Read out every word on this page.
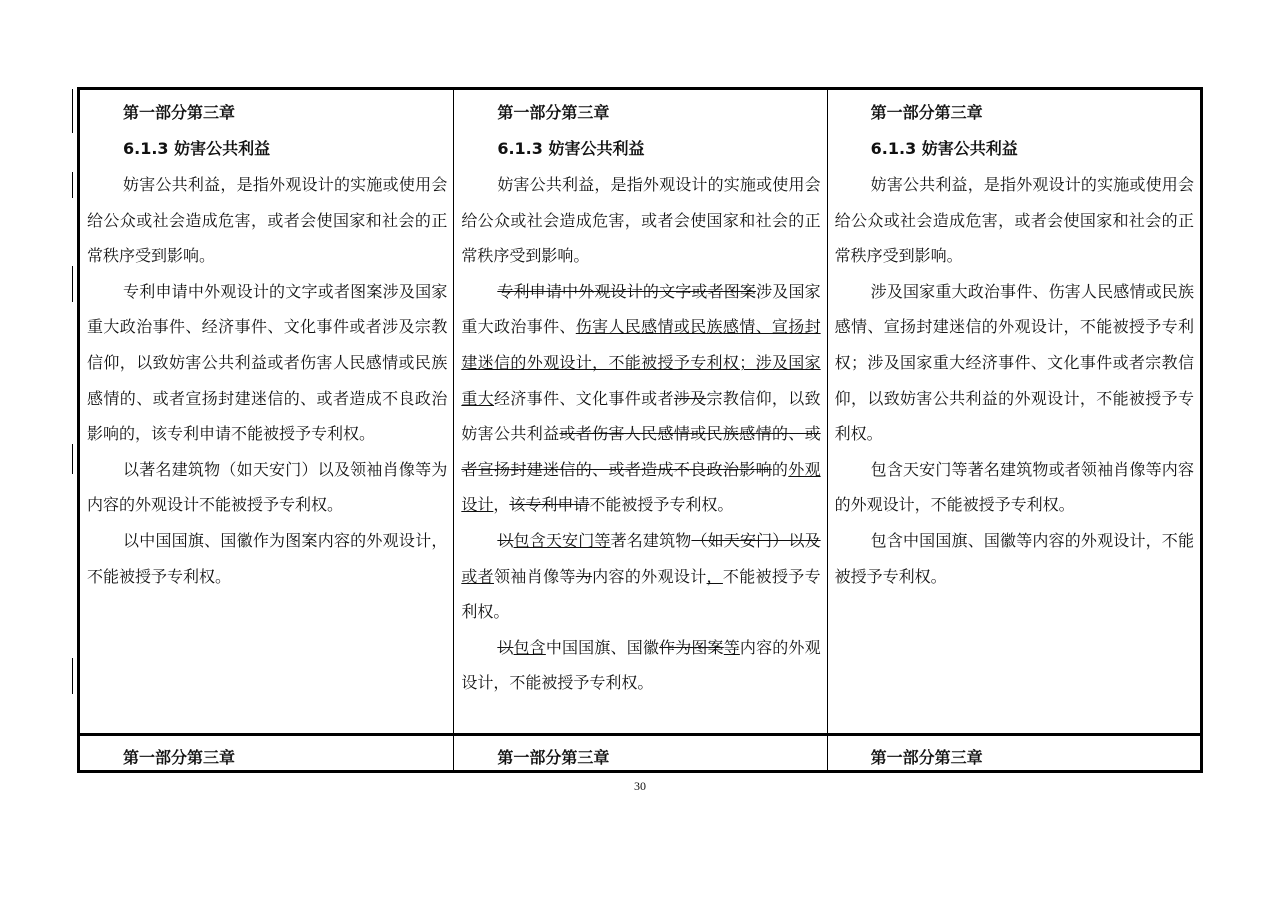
第一部分第三章

6.1.3 妨害公共利益

妨害公共利益，是指外观设计的实施或使用会给公众或社会造成危害，或者会使国家和社会的正常秩序受到影响。

专利申请中外观设计的文字或者图案涉及国家重大政治事件、经济事件、文化事件或者涉及宗教信仰，以致妨害公共利益或者伤害人民感情或民族感情的、或者宣扬封建迷信的、或者造成不良政治影响的，该专利申请不能被授予专利权。

以著名建筑物（如天安门）以及领袖肖像等为内容的外观设计不能被授予专利权。

以中国国旗、国徽作为图案内容的外观设计，不能被授予专利权。

第一部分第三章

6.1.3 妨害公共利益

妨害公共利益，是指外观设计的实施或使用会给公众或社会造成危害，或者会使国家和社会的正常秩序受到影响。

专利申请中外观设计的文字或者图案涉及国家重大政治事件、伤害人民感情或民族感情、宣扬封建迷信的外观设计，不能被授予专利权；涉及国家重大经济事件、文化事件或者涉及宗教信仰，以致妨害公共利益或者伤害人民感情或民族感情的、或者宣扬封建迷信的、或者造成不良政治影响的外观设计，该专利申请不能被授予专利权。

以包含天安门等著名建筑物（如天安门）以及或者领袖肖像等为内容的外观设计，不能被授予专利权。

以包含中国国旗、国徽作为图案等内容的外观设计，不能被授予专利权。

第一部分第三章

6.1.3 妨害公共利益

妨害公共利益，是指外观设计的实施或使用会给公众或社会造成危害，或者会使国家和社会的正常秩序受到影响。

涉及国家重大政治事件、伤害人民感情或民族感情、宣扬封建迷信的外观设计，不能被授予专利权；涉及国家重大经济事件、文化事件或者宗教信仰，以致妨害公共利益的外观设计，不能被授予专利权。

包含天安门等著名建筑物或者领袖肖像等内容的外观设计，不能被授予专利权。

包含中国国旗、国徽等内容的外观设计，不能被授予专利权。

第一部分第三章	第一部分第三章	第一部分第三章

30
